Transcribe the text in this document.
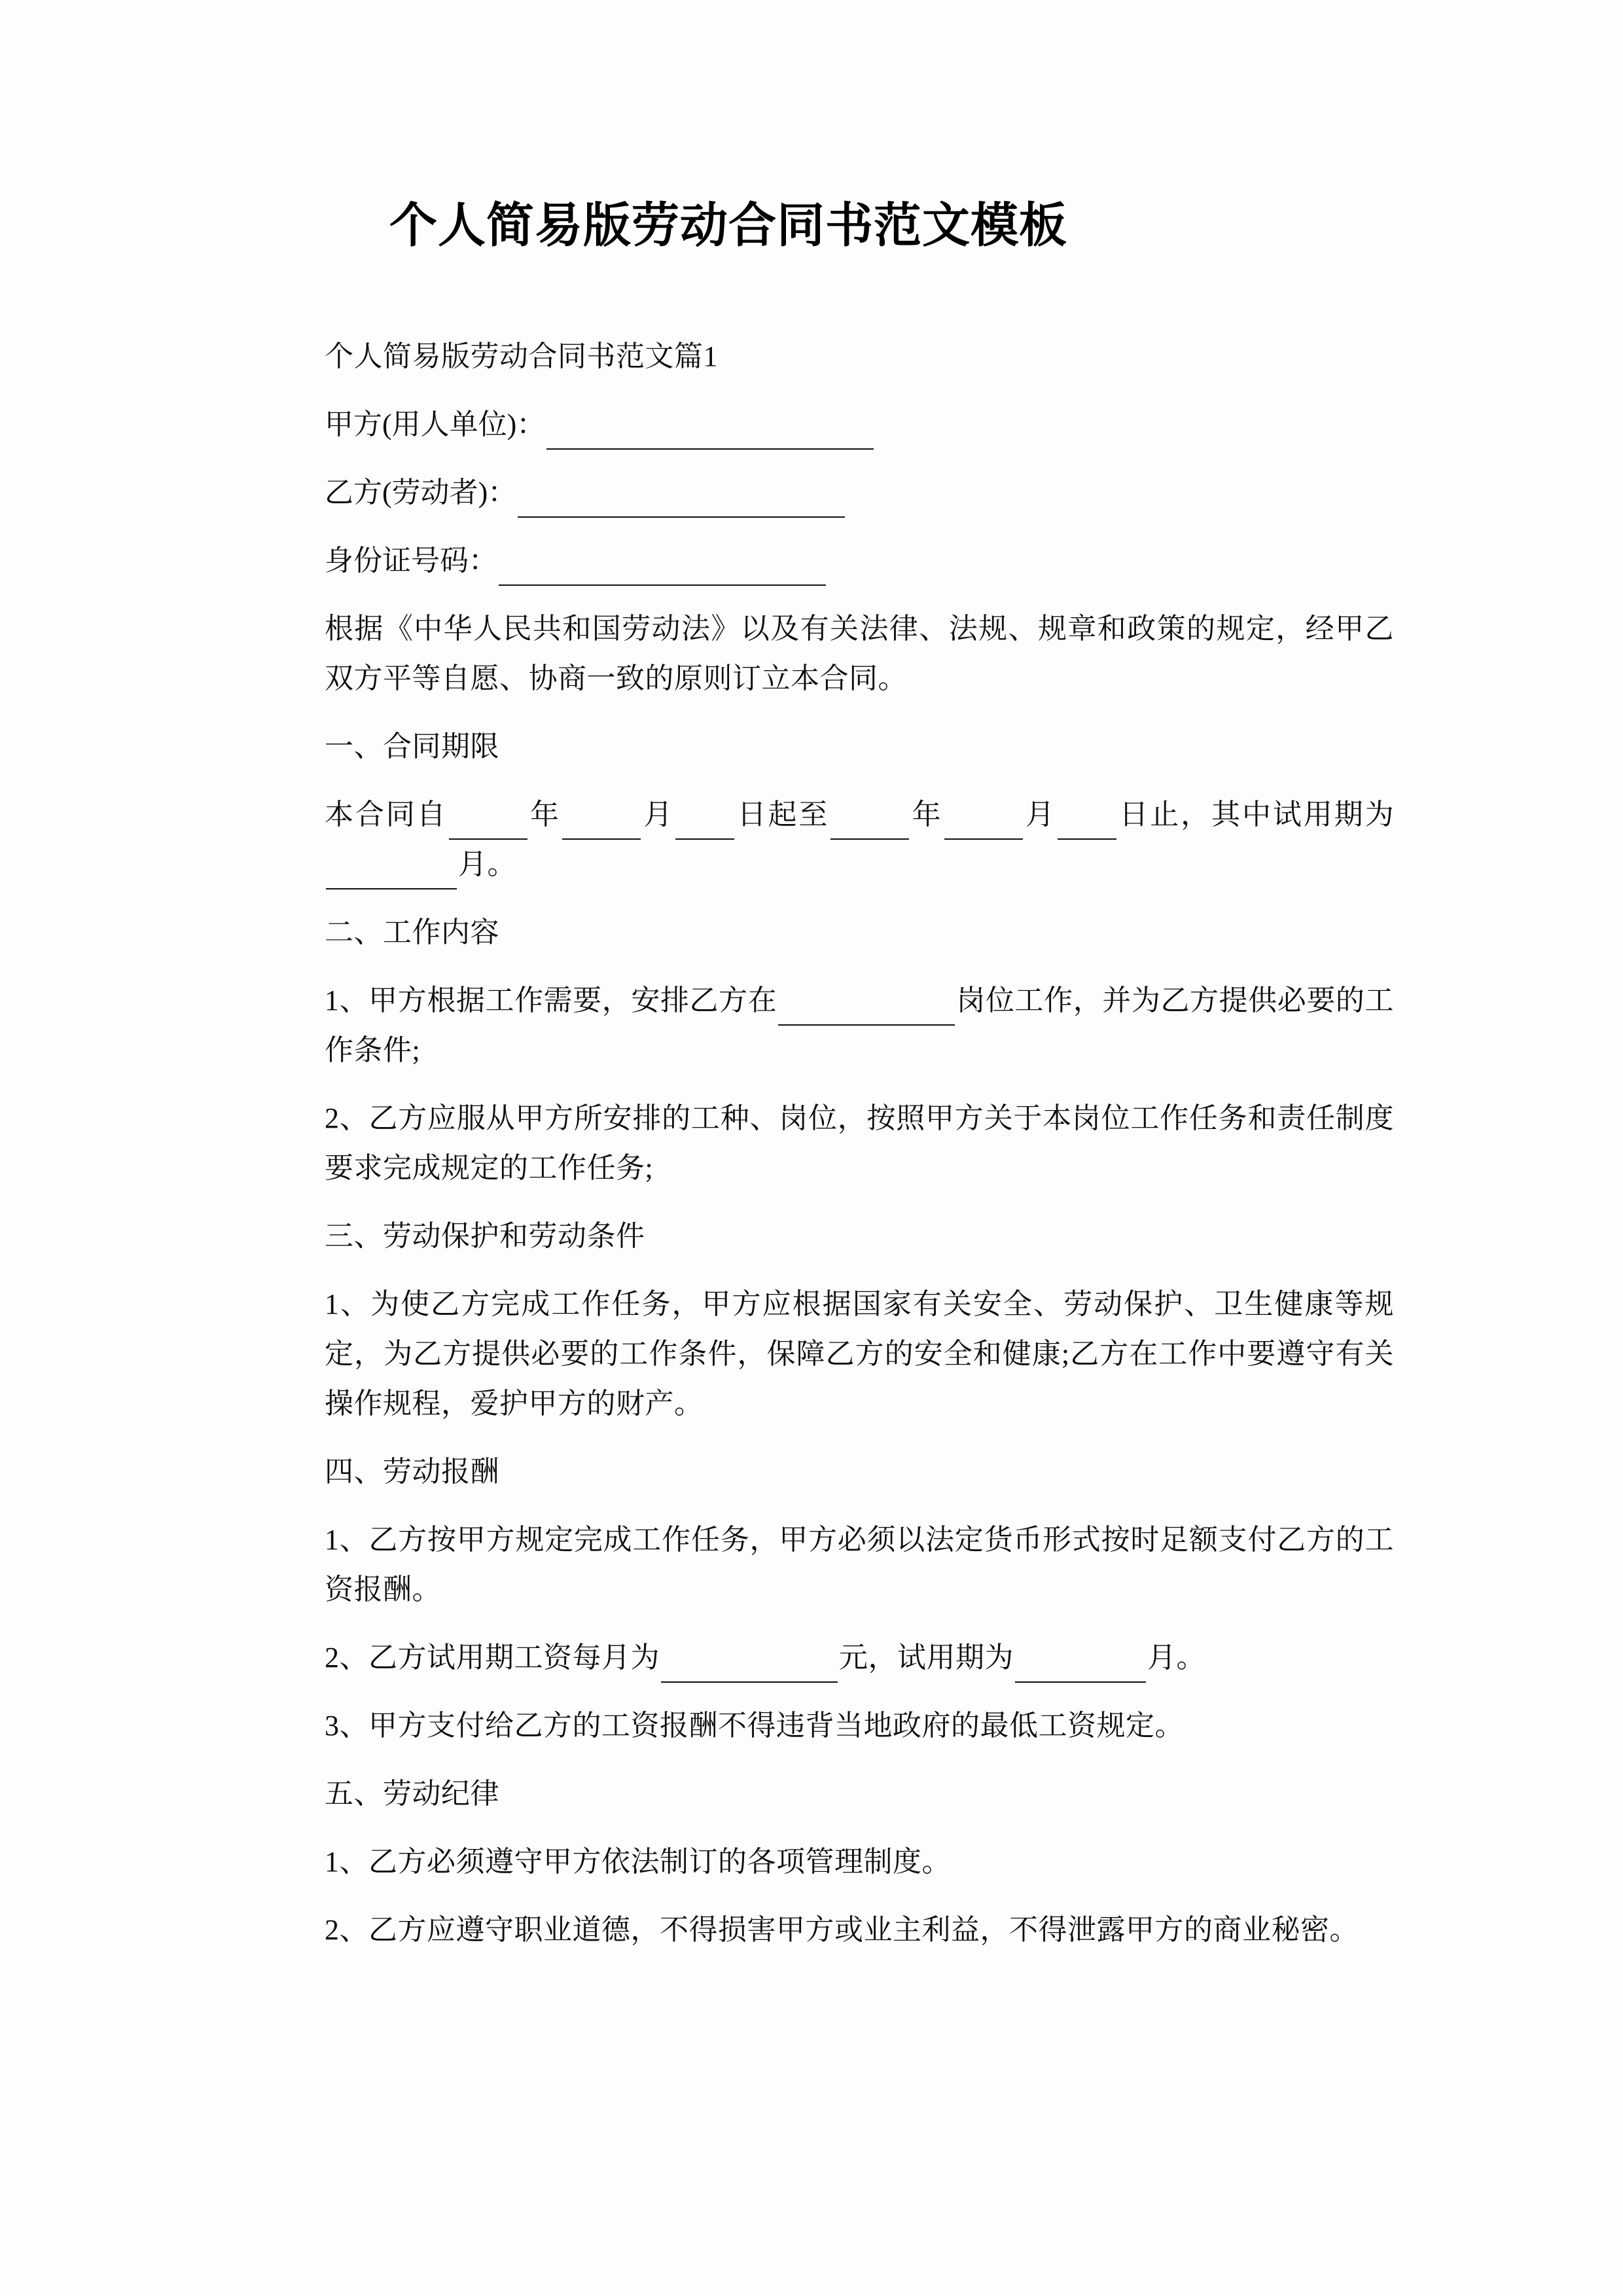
个人简易版劳动合同书范文模板

个人简易版劳动合同书范文篇1

甲方(用人单位)：
乙方(劳动者)：
身份证号码：

根据《中华人民共和国劳动法》以及有关法律、法规、规章和政策的规定，经甲乙双方平等自愿、协商一致的原则订立本合同。

一、合同期限

本合同自	年	月 日起至	年	月 日止，其中试用期为月。

二、工作内容

1、甲方根据工作需要，安排乙方在	岗位工作，并为乙方提供必要的工作条件;

2、乙方应服从甲方所安排的工种、岗位，按照甲方关于本岗位工作任务和责任制度要求完成规定的工作任务;

三、劳动保护和劳动条件

1、为使乙方完成工作任务，甲方应根据国家有关安全、劳动保护、卫生健康等规定，为乙方提供必要的工作条件，保障乙方的安全和健康;乙方在工作中要遵守有关操作规程，爱护甲方的财产。

四、劳动报酬

1、乙方按甲方规定完成工作任务，甲方必须以法定货币形式按时足额支付乙方的工资报酬。

2、乙方试用期工资每月为	元，试用期为	月。

3、甲方支付给乙方的工资报酬不得违背当地政府的最低工资规定。

五、劳动纪律

1、乙方必须遵守甲方依法制订的各项管理制度。

2、乙方应遵守职业道德，不得损害甲方或业主利益，不得泄露甲方的商业秘密。
